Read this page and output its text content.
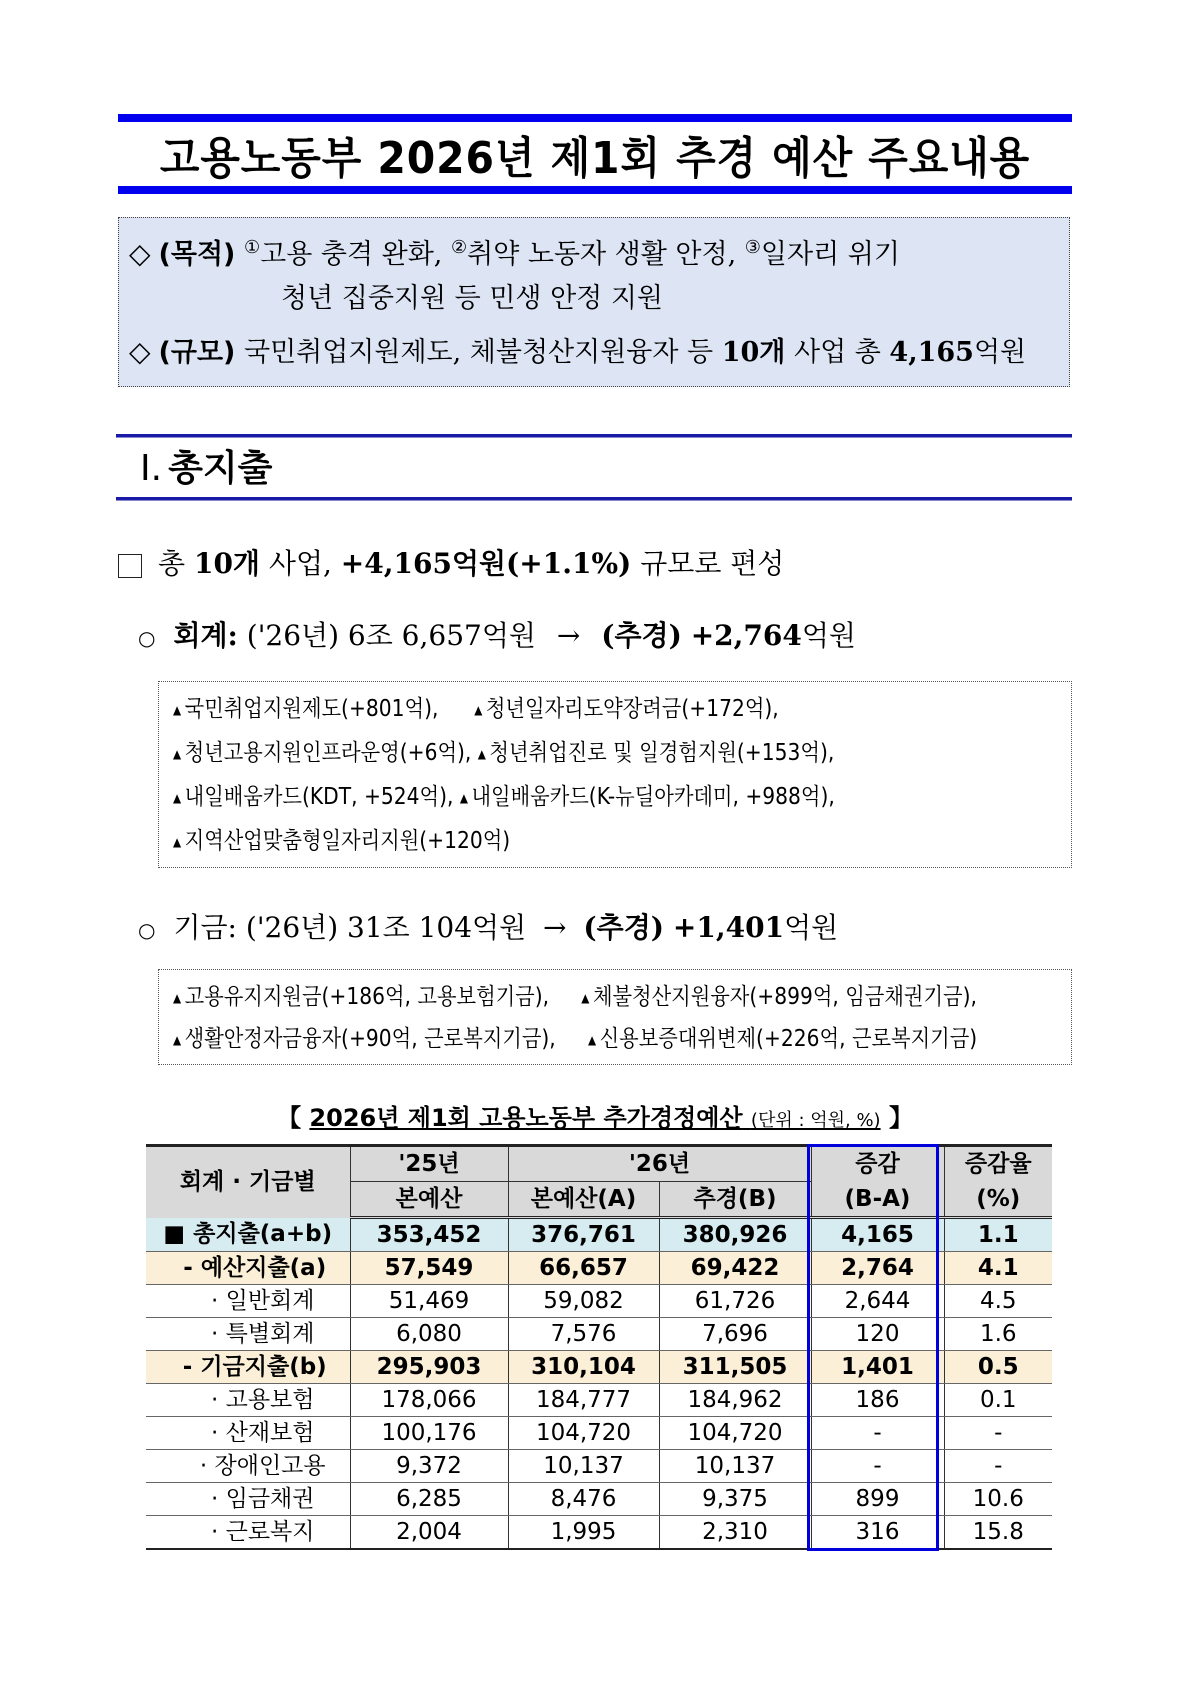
고용노동부 2026년 제1회 추경 예산 주요내용
◇ (목적) ①고용 충격 완화, ②취약 노동자 생활 안정, ③일자리 위기
청년 집중지원 등 민생 안정 지원
◇ (규모) 국민취업지원제도, 체불청산지원융자 등 10개 사업 총 4,165억원
Ⅰ. 총지출
총 10개 사업, +4,165억원(+1.1%) 규모로 편성
○ 회계: ('26년) 6조 6,657억원 → (추경) +2,764억원
▲ 국민취업지원제도(+801억),	▲ 청년일자리도약장려금(+172억),
▲ 청년고용지원인프라운영(+6억), ▲ 청년취업진로 및 일경험지원(+153억),
▲ 내일배움카드(KDT, +524억), ▲ 내일배움카드(K-뉴딜아카데미, +988억),
▲ 지역산업맞춤형일자리지원(+120억)
○ 기금: ('26년) 31조 104억원 → (추경) +1,401억원
▲ 고용유지지원금(+186억, 고용보험기금),	▲ 체불청산지원융자(+899억, 임금채권기금),
▲ 생활안정자금융자(+90억, 근로복지기금),	▲ 신용보증대위변제(+226억, 근로복지기금)
【 2026년 제1회 고용노동부 추가경정예산 (단위 : 억원, %) 】
회계 · 기금별	'25년	'26년		증감	증감율
	본예산	본예산(A)	추경(B)	(B-A)	(%)
■ 총지출(a+b)	353,452	376,761	380,926	4,165	1.1
- 예산지출(a)	57,549	66,657	69,422	2,764	4.1
· 일반회계	51,469	59,082	61,726	2,644	4.5
· 특별회계	6,080	7,576	7,696	120	1.6
- 기금지출(b)	295,903	310,104	311,505	1,401	0.5
· 고용보험	178,066	184,777	184,962	186	0.1
· 산재보험	100,176	104,720	104,720	-	-
· 장애인고용	9,372	10,137	10,137	-	-
· 임금채권	6,285	8,476	9,375	899	10.6
· 근로복지	2,004	1,995	2,310	316	15.8
